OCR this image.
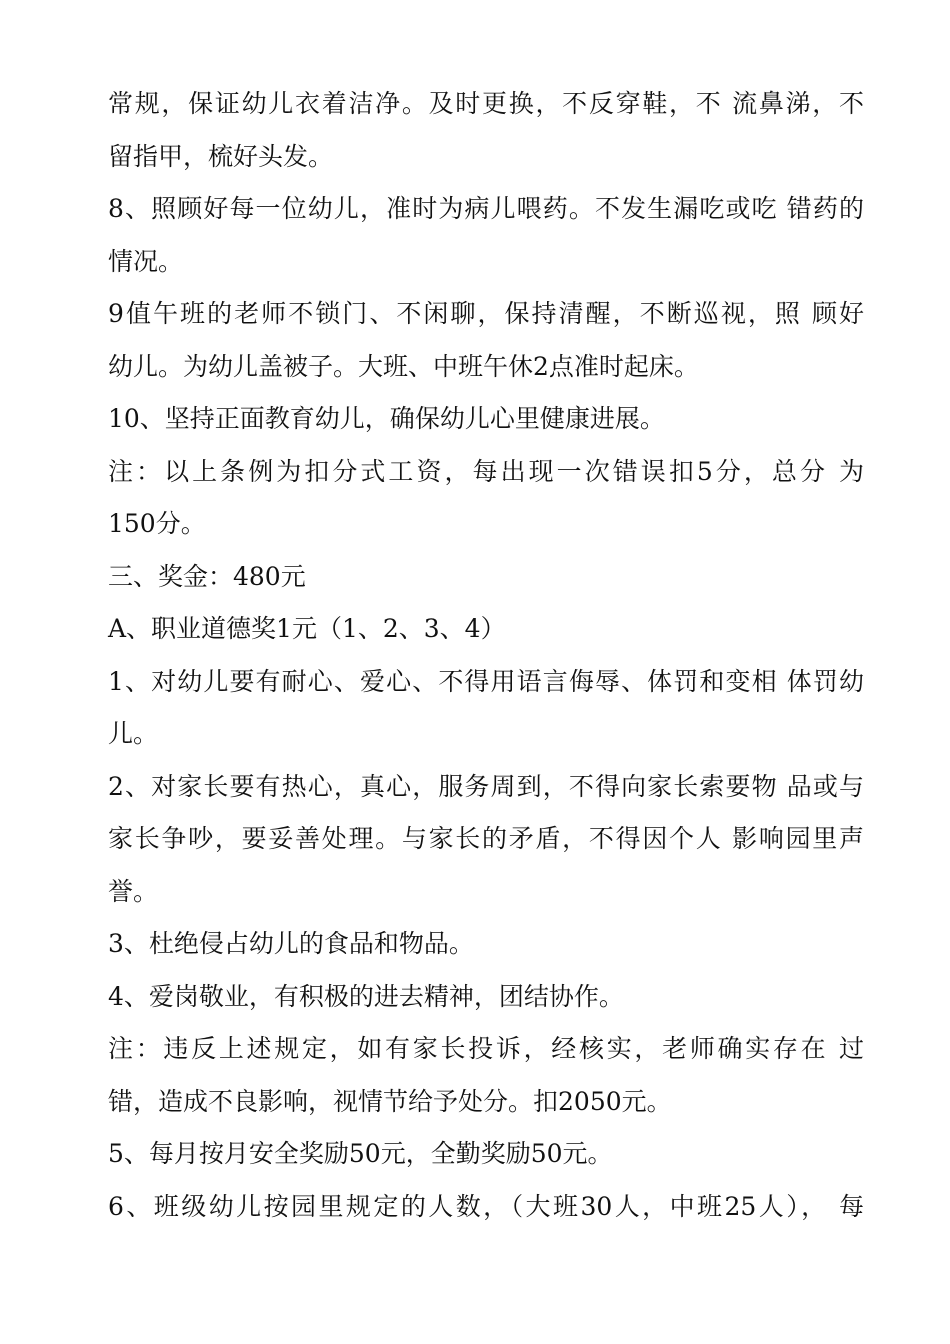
常规，保证幼儿衣着洁净。及时更换，不反穿鞋，不 流鼻涕，不
留指甲，梳好头发。
8、照顾好每一位幼儿，准时为病儿喂药。不发生漏吃或吃 错药的
情况。
9值午班的老师不锁门、不闲聊，保持清醒，不断巡视，照 顾好
幼儿。为幼儿盖被子。大班、中班午休2点准时起床。
10、坚持正面教育幼儿，确保幼儿心里健康进展。
注：以上条例为扣分式工资，每出现一次错误扣5分，总分 为
150分。
三、奖金：480元
A、职业道德奖1元（1、2、3、4）
1、对幼儿要有耐心、爱心、不得用语言侮辱、体罚和变相 体罚幼
儿。
2、对家长要有热心，真心，服务周到，不得向家长索要物 品或与
家长争吵，要妥善处理。与家长的矛盾，不得因个人 影响园里声
誉。
3、杜绝侵占幼儿的食品和物品。
4、爱岗敬业，有积极的进去精神，团结协作。
注：违反上述规定，如有家长投诉，经核实，老师确实存在 过
错，造成不良影响，视情节给予处分。扣2050元。
5、每月按月安全奖励50元，全勤奖励50元。
6、班级幼儿按园里规定的人数，（大班30人，中班25人）， 每
